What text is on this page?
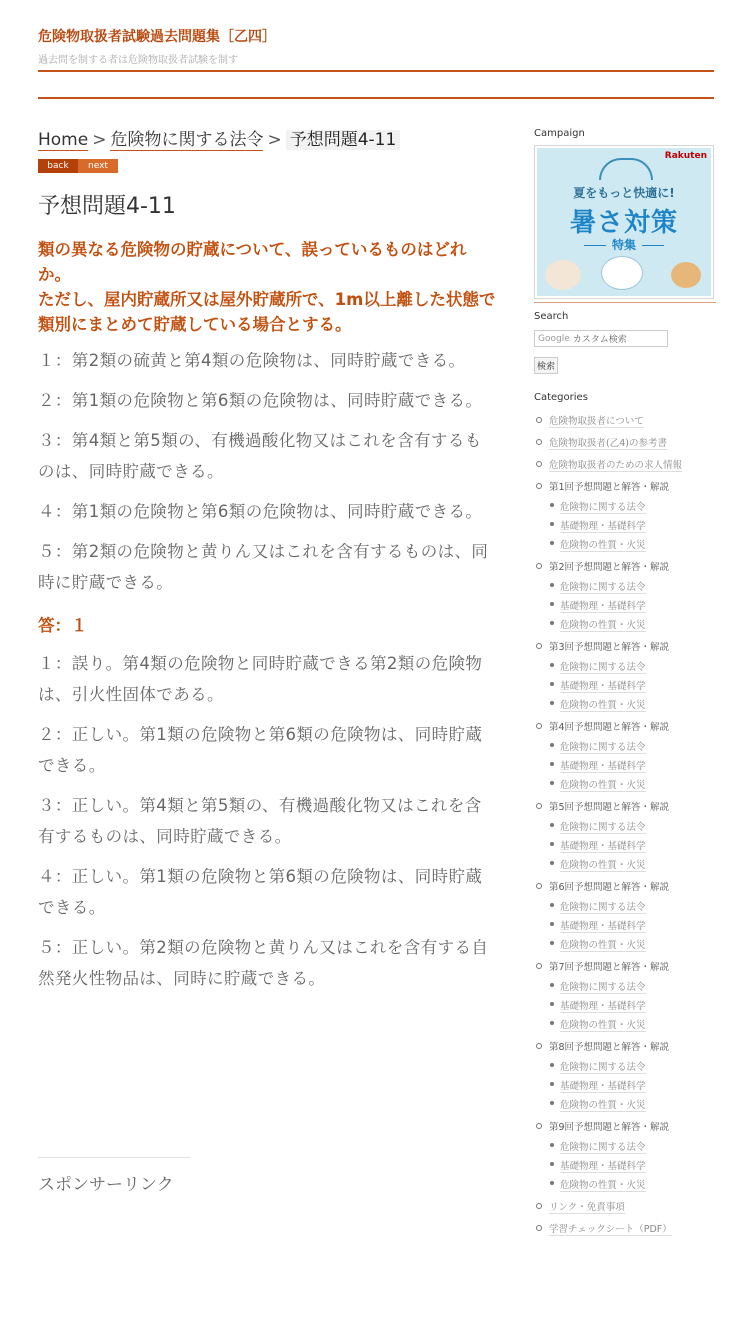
危険物取扱者試験過去問題集［乙四］
過去問を制する者は危険物取扱者試験を制す
Home > 危険物に関する法令 > 予想問題4-11
back	next
予想問題4-11
類の異なる危険物の貯蔵について、誤っているものはどれか。
ただし、屋内貯蔵所又は屋外貯蔵所で、1m以上離した状態で類別にまとめて貯蔵している場合とする。

１：第2類の硫黄と第4類の危険物は、同時貯蔵できる。

２：第1類の危険物と第6類の危険物は、同時貯蔵できる。

３：第4類と第5類の、有機過酸化物又はこれを含有するものは、同時貯蔵できる。

４：第1類の危険物と第6類の危険物は、同時貯蔵できる。

５：第2類の危険物と黄りん又はこれを含有するものは、同時に貯蔵できる。

答：１

１：誤り。第4類の危険物と同時貯蔵できる第2類の危険物は、引火性固体である。

２：正しい。第1類の危険物と第6類の危険物は、同時貯蔵できる。

３：正しい。第4類と第5類の、有機過酸化物又はこれを含有するものは、同時貯蔵できる。

４：正しい。第1類の危険物と第6類の危険物は、同時貯蔵できる。

５：正しい。第2類の危険物と黄りん又はこれを含有する自然発火性物品は、同時に貯蔵できる。

スポンサーリンク
Campaign
Rakuten
夏をもっと快適に!
暑さ対策
特集
Search
Google カスタム検索
検索
Categories
危険物取扱者について
危険物取扱者(乙4)の参考書
危険物取扱者のための求人情報
第1回予想問題と解答・解説
危険物に関する法令
基礎物理・基礎科学
危険物の性質・火災
第2回予想問題と解答・解説
危険物に関する法令
基礎物理・基礎科学
危険物の性質・火災
第3回予想問題と解答・解説
危険物に関する法令
基礎物理・基礎科学
危険物の性質・火災
第4回予想問題と解答・解説
危険物に関する法令
基礎物理・基礎科学
危険物の性質・火災
第5回予想問題と解答・解説
危険物に関する法令
基礎物理・基礎科学
危険物の性質・火災
第6回予想問題と解答・解説
危険物に関する法令
基礎物理・基礎科学
危険物の性質・火災
第7回予想問題と解答・解説
危険物に関する法令
基礎物理・基礎科学
危険物の性質・火災
第8回予想問題と解答・解説
危険物に関する法令
基礎物理・基礎科学
危険物の性質・火災
第9回予想問題と解答・解説
危険物に関する法令
基礎物理・基礎科学
危険物の性質・火災
リンク・免責事項
学習チェックシート（PDF）
